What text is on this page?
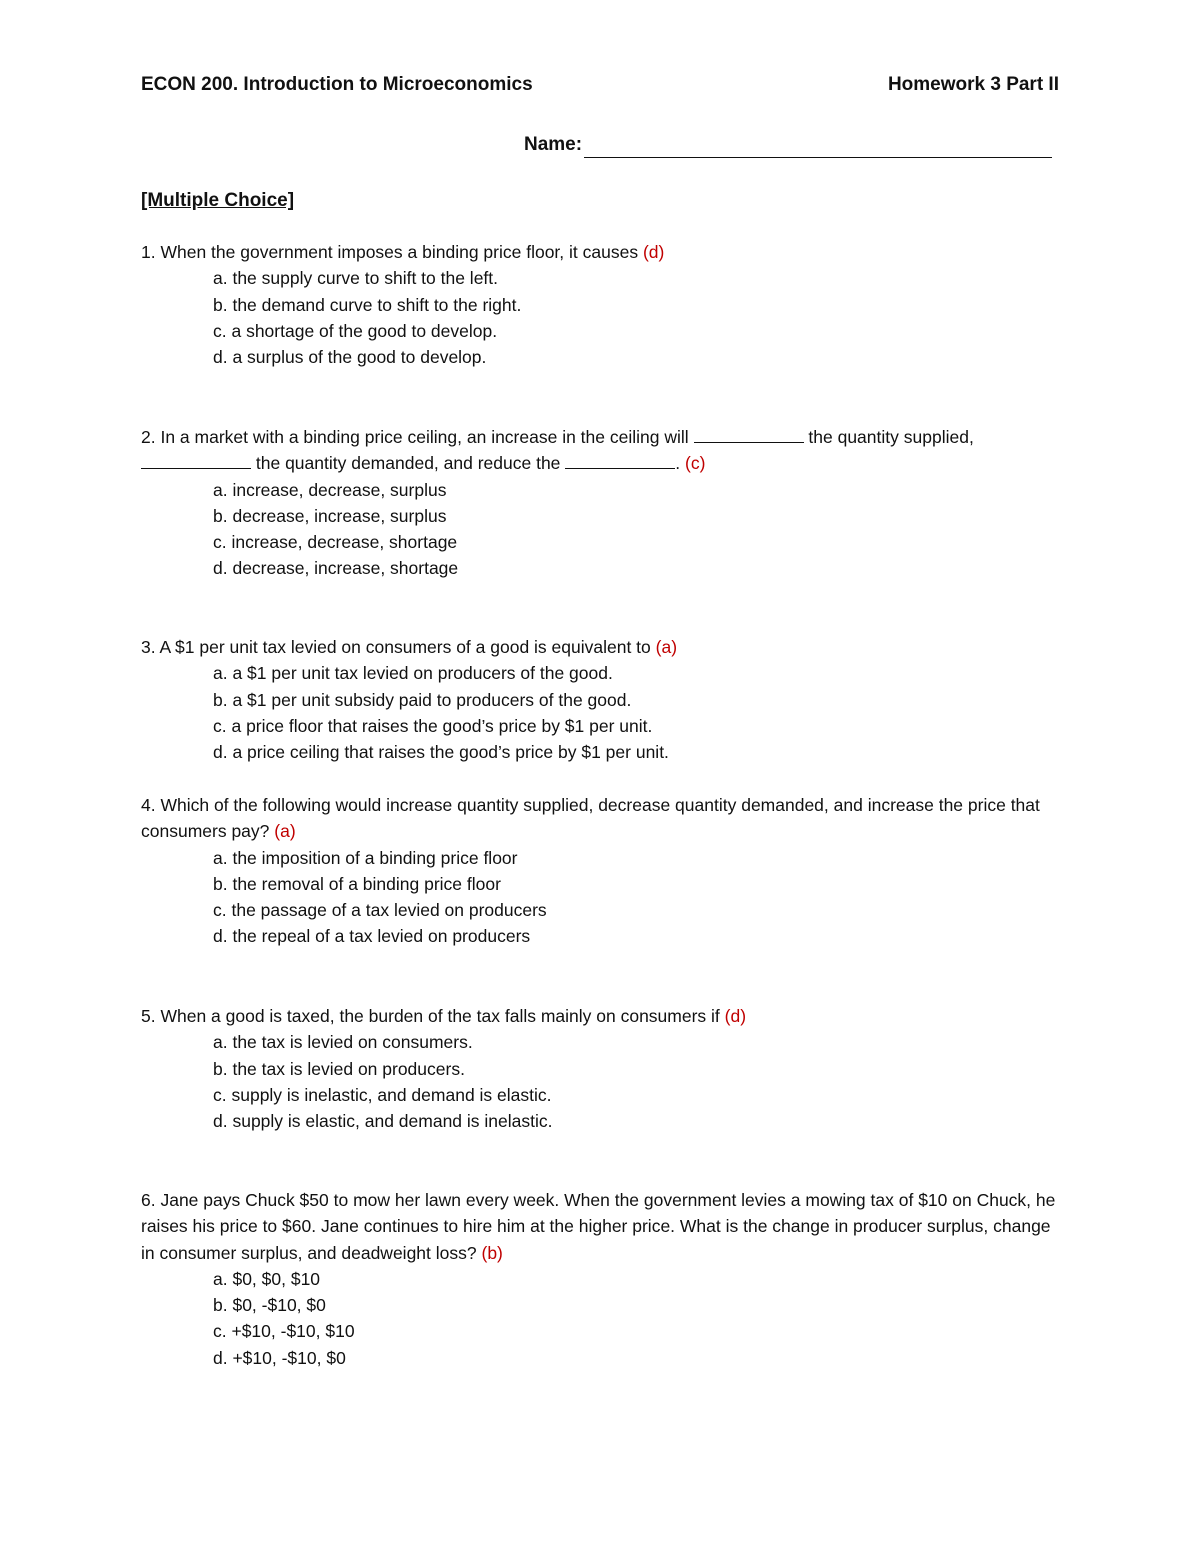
ECON 200. Introduction to Microeconomics	Homework 3 Part II
Name:
[Multiple Choice]

1. When the government imposes a binding price floor, it causes (d)

a. the supply curve to shift to the left.

b. the demand curve to shift to the right.

c. a shortage of the good to develop.

d. a surplus of the good to develop.

2. In a market with a binding price ceiling, an increase in the ceiling will	the quantity supplied,  the quantity demanded, and reduce the	. (c)

a. increase, decrease, surplus

b. decrease, increase, surplus

c. increase, decrease, shortage

d. decrease, increase, shortage

3. A $1 per unit tax levied on consumers of a good is equivalent to (a)

a. a $1 per unit tax levied on producers of the good.

b. a $1 per unit subsidy paid to producers of the good.

c. a price floor that raises the good’s price by $1 per unit.

d. a price ceiling that raises the good’s price by $1 per unit.

4. Which of the following would increase quantity supplied, decrease quantity demanded, and increase the price that consumers pay? (a)

a. the imposition of a binding price floor

b. the removal of a binding price floor

c. the passage of a tax levied on producers

d. the repeal of a tax levied on producers

5. When a good is taxed, the burden of the tax falls mainly on consumers if (d)

a. the tax is levied on consumers.

b. the tax is levied on producers.

c. supply is inelastic, and demand is elastic.

d. supply is elastic, and demand is inelastic.

6. Jane pays Chuck $50 to mow her lawn every week. When the government levies a mowing tax of $10 on Chuck, he raises his price to $60. Jane continues to hire him at the higher price. What is the change in producer surplus, change in consumer surplus, and deadweight loss? (b)

a. $0, $0, $10

b. $0, -$10, $0

c. +$10, -$10, $10

d. +$10, -$10, $0
